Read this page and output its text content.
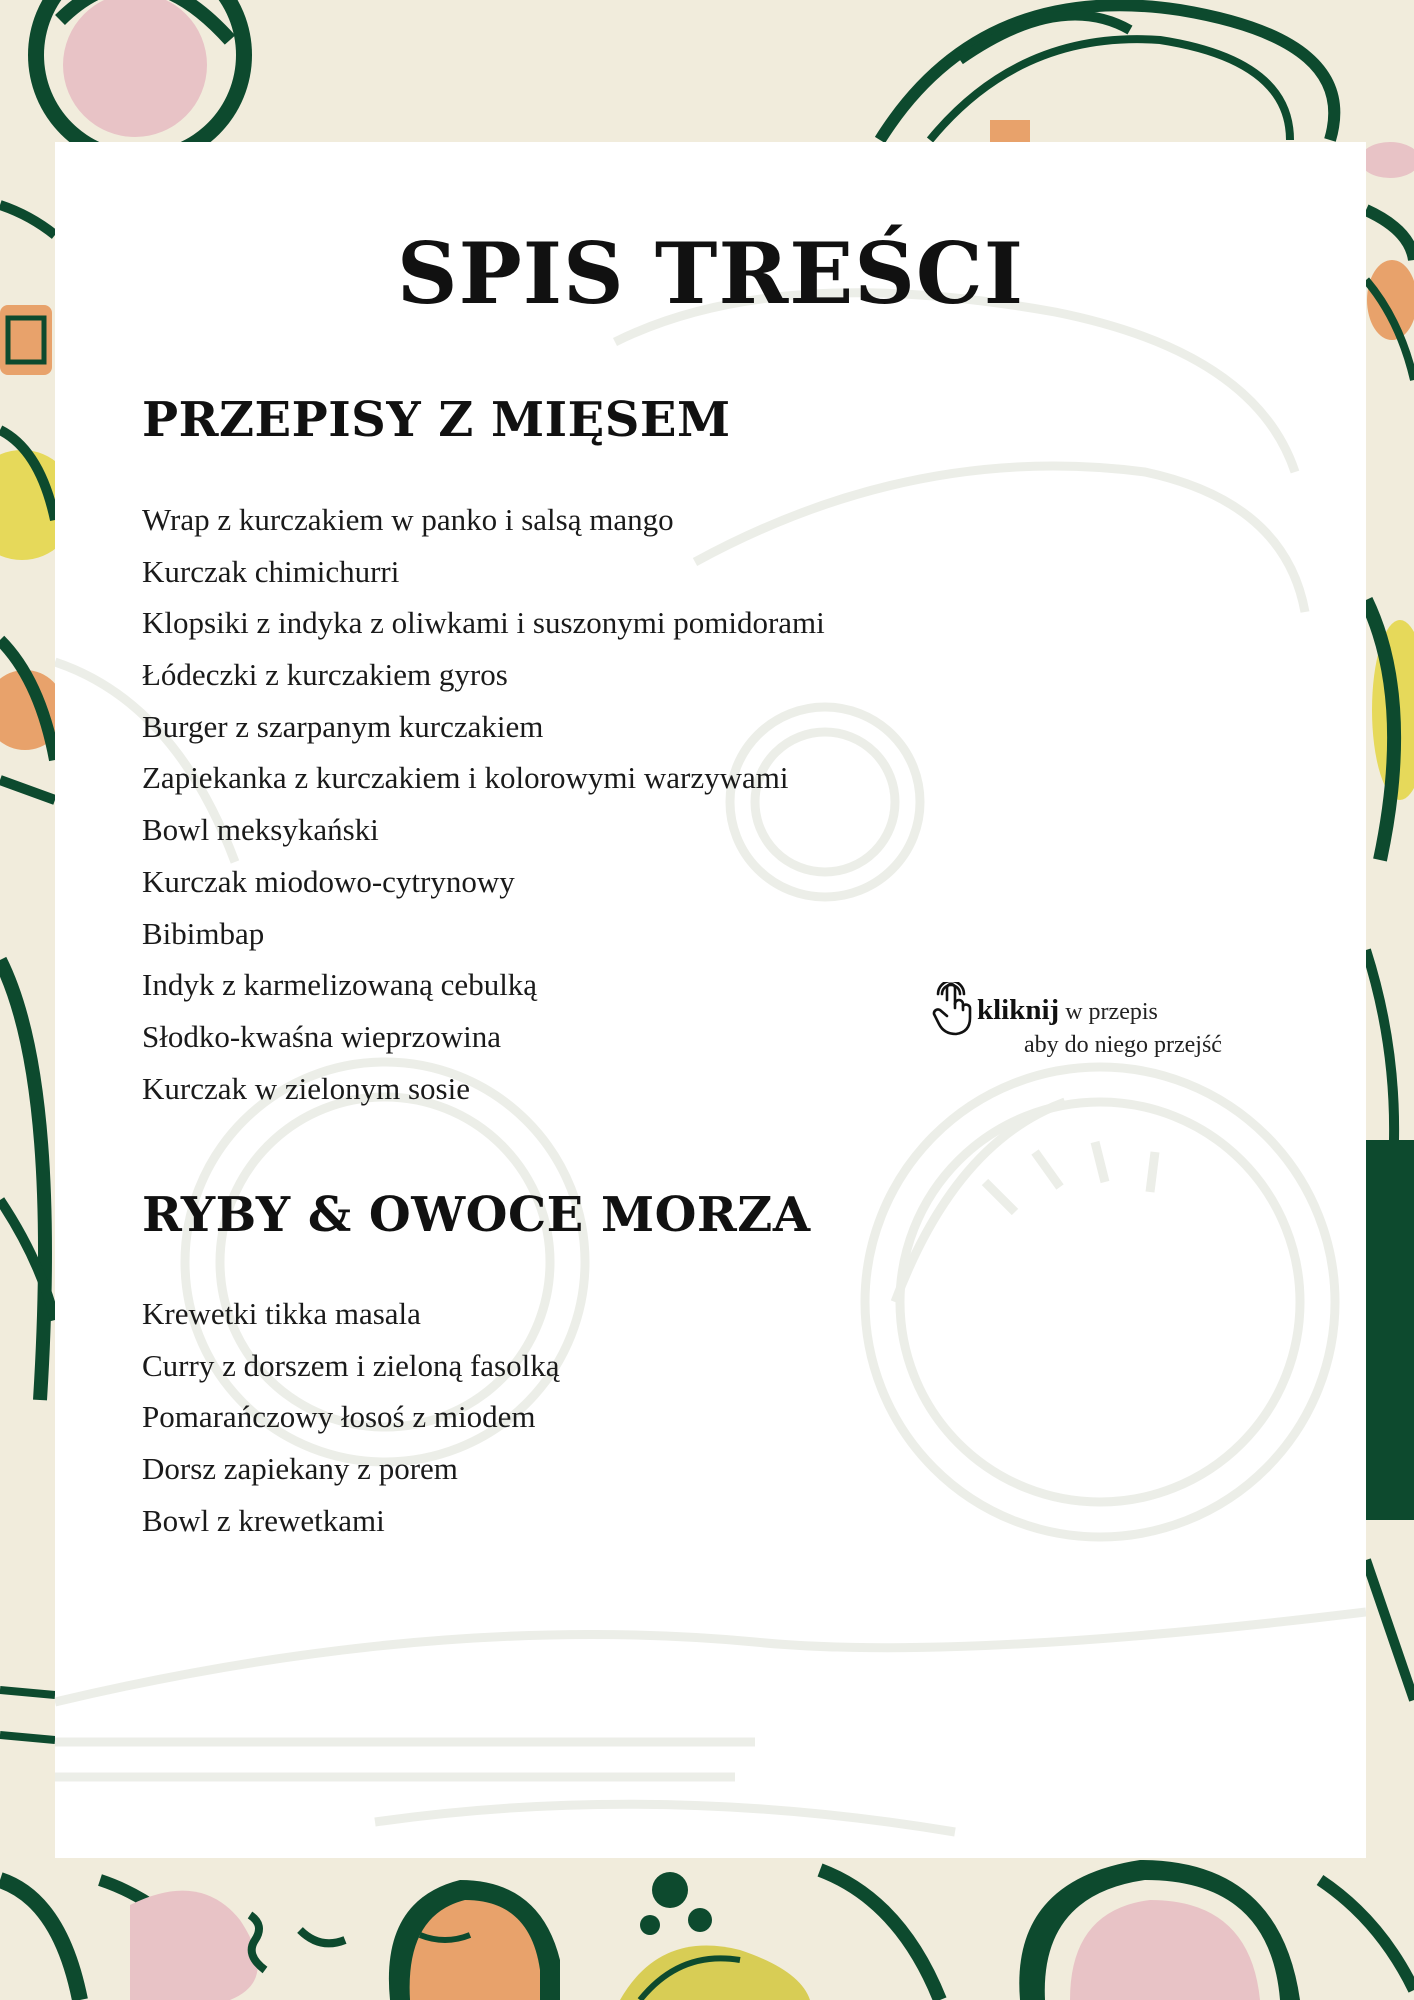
SPIS TREŚCI
PRZEPISY Z MIĘSEM
Wrap z kurczakiem w panko i salsą mango
Kurczak chimichurri
Klopsiki z indyka z oliwkami i suszonymi pomidorami
Łódeczki z kurczakiem gyros
Burger z szarpanym kurczakiem
Zapiekanka z kurczakiem i kolorowymi warzywami
Bowl meksykański
Kurczak miodowo-cytrynowy
Bibimbap
Indyk z karmelizowaną cebulką
Słodko-kwaśna wieprzowina
Kurczak w zielonym sosie
RYBY & OWOCE MORZA
Krewetki tikka masala
Curry z dorszem i zieloną fasolką
Pomarańczowy łosoś z miodem
Dorsz zapiekany z porem
Bowl z krewetkami
kliknij w przepis
aby do niego przejść
